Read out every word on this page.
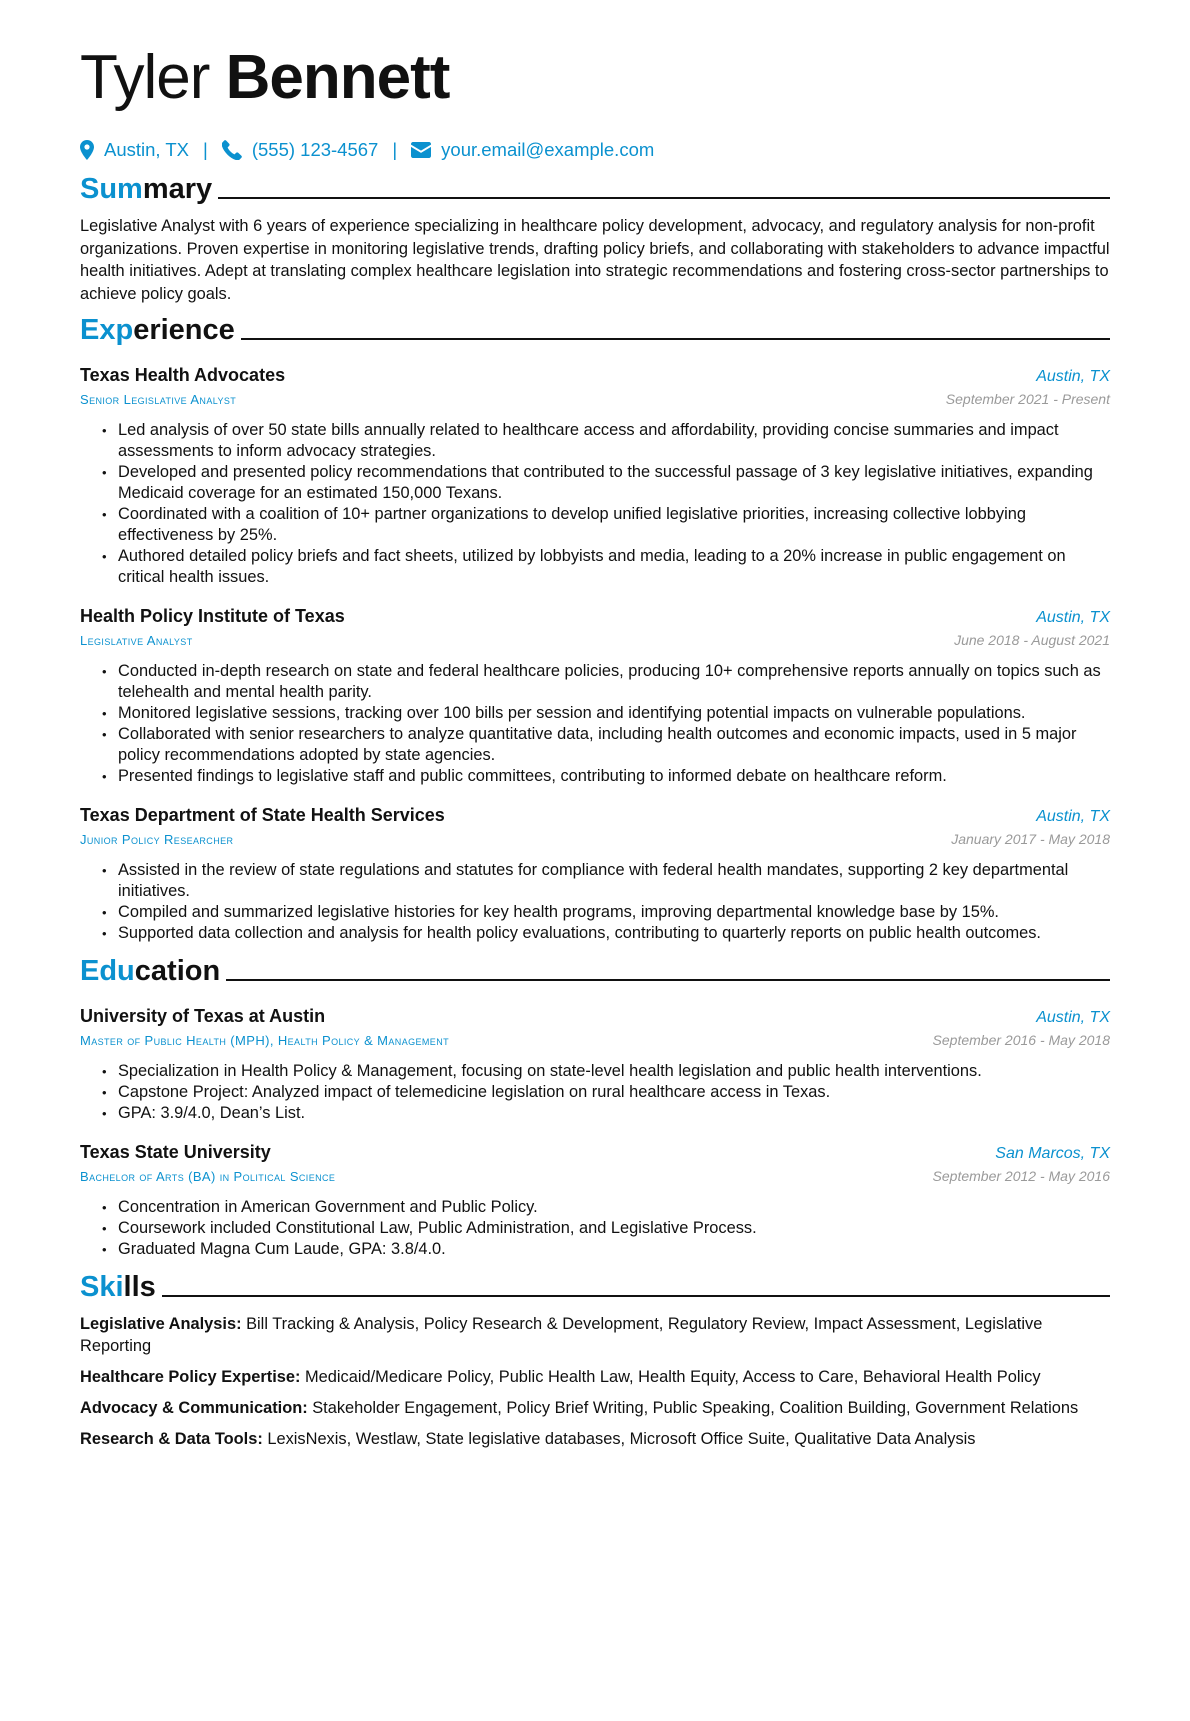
Tyler Bennett
Austin, TX | (555) 123-4567 | your.email@example.com
Summary
Legislative Analyst with 6 years of experience specializing in healthcare policy development, advocacy, and regulatory analysis for non-profit organizations. Proven expertise in monitoring legislative trends, drafting policy briefs, and collaborating with stakeholders to advance impactful health initiatives. Adept at translating complex healthcare legislation into strategic recommendations and fostering cross-sector partnerships to achieve policy goals.
Experience
Texas Health Advocates	Austin, TX
Senior Legislative Analyst	September 2021 - Present
• Led analysis of over 50 state bills annually related to healthcare access and affordability, providing concise summaries and impact assessments to inform advocacy strategies.
• Developed and presented policy recommendations that contributed to the successful passage of 3 key legislative initiatives, expanding Medicaid coverage for an estimated 150,000 Texans.
• Coordinated with a coalition of 10+ partner organizations to develop unified legislative priorities, increasing collective lobbying effectiveness by 25%.
• Authored detailed policy briefs and fact sheets, utilized by lobbyists and media, leading to a 20% increase in public engagement on critical health issues.
Health Policy Institute of Texas	Austin, TX
Legislative Analyst	June 2018 - August 2021
• Conducted in-depth research on state and federal healthcare policies, producing 10+ comprehensive reports annually on topics such as telehealth and mental health parity.
• Monitored legislative sessions, tracking over 100 bills per session and identifying potential impacts on vulnerable populations.
• Collaborated with senior researchers to analyze quantitative data, including health outcomes and economic impacts, used in 5 major policy recommendations adopted by state agencies.
• Presented findings to legislative staff and public committees, contributing to informed debate on healthcare reform.
Texas Department of State Health Services	Austin, TX
Junior Policy Researcher	January 2017 - May 2018
• Assisted in the review of state regulations and statutes for compliance with federal health mandates, supporting 2 key departmental initiatives.
• Compiled and summarized legislative histories for key health programs, improving departmental knowledge base by 15%.
• Supported data collection and analysis for health policy evaluations, contributing to quarterly reports on public health outcomes.
Education
University of Texas at Austin	Austin, TX
Master of Public Health (MPH), Health Policy & Management	September 2016 - May 2018
• Specialization in Health Policy & Management, focusing on state-level health legislation and public health interventions.
• Capstone Project: Analyzed impact of telemedicine legislation on rural healthcare access in Texas.
• GPA: 3.9/4.0, Dean’s List.
Texas State University	San Marcos, TX
Bachelor of Arts (BA) in Political Science	September 2012 - May 2016
• Concentration in American Government and Public Policy.
• Coursework included Constitutional Law, Public Administration, and Legislative Process.
• Graduated Magna Cum Laude, GPA: 3.8/4.0.
Skills
Legislative Analysis: Bill Tracking & Analysis, Policy Research & Development, Regulatory Review, Impact Assessment, Legislative Reporting
Healthcare Policy Expertise: Medicaid/Medicare Policy, Public Health Law, Health Equity, Access to Care, Behavioral Health Policy
Advocacy & Communication: Stakeholder Engagement, Policy Brief Writing, Public Speaking, Coalition Building, Government Relations
Research & Data Tools: LexisNexis, Westlaw, State legislative databases, Microsoft Office Suite, Qualitative Data Analysis
